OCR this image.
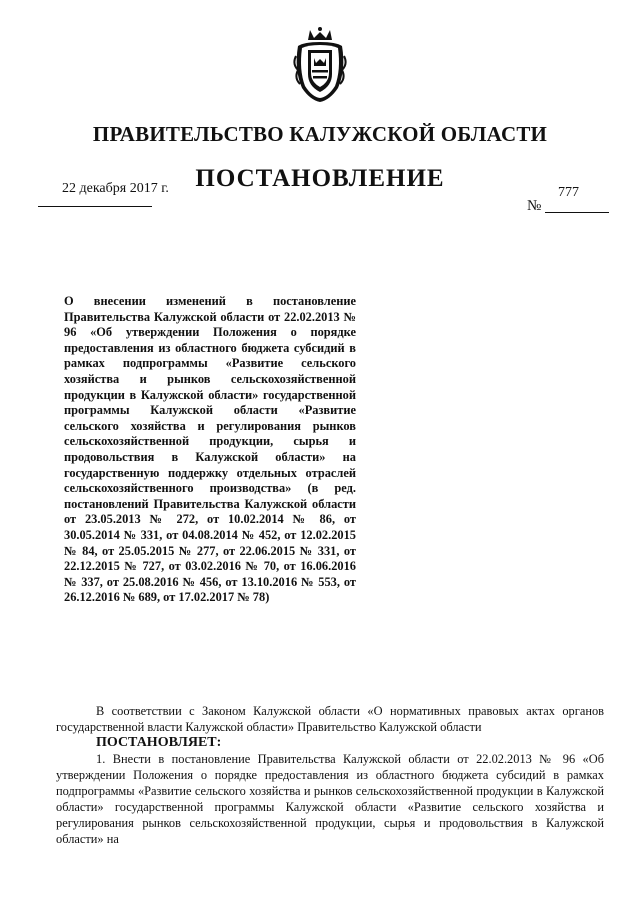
ПРАВИТЕЛЬСТВО КАЛУЖСКОЙ ОБЛАСТИ
ПОСТАНОВЛЕНИЕ
22 декабря 2017 г.	777
№

О внесении изменений в постановление Правительства Калужской области от 22.02.2013 № 96 «Об утверждении Положения о порядке предоставления из областного бюджета субсидий в рамках подпрограммы «Развитие сельского хозяйства и рынков сельскохозяйственной продукции в Калужской области» государственной программы Калужской области «Развитие сельского хозяйства и регулирования рынков сельскохозяйственной продукции, сырья и продовольствия в Калужской области» на государственную поддержку отдельных отраслей сельскохозяйственного производства» (в ред. постановлений Правительства Калужской области от 23.05.2013 № 272, от 10.02.2014 № 86, от 30.05.2014 № 331, от 04.08.2014 № 452, от 12.02.2015 № 84, от 25.05.2015 № 277, от 22.06.2015 № 331, от 22.12.2015 № 727, от 03.02.2016 № 70, от 16.06.2016 № 337, от 25.08.2016 № 456, от 13.10.2016 № 553, от 26.12.2016 № 689, от 17.02.2017 № 78)

В соответствии с Законом Калужской области «О нормативных правовых актах органов государственной власти Калужской области» Правительство Калужской области

ПОСТАНОВЛЯЕТ:

1. Внести в постановление Правительства Калужской области от 22.02.2013 № 96 «Об утверждении Положения о порядке предоставления из областного бюджета субсидий в рамках подпрограммы «Развитие сельского хозяйства и рынков сельскохозяйственной продукции в Калужской области» государственной программы Калужской области «Развитие сельского хозяйства и регулирования рынков сельскохозяйственной продукции, сырья и продовольствия в Калужской области» на
